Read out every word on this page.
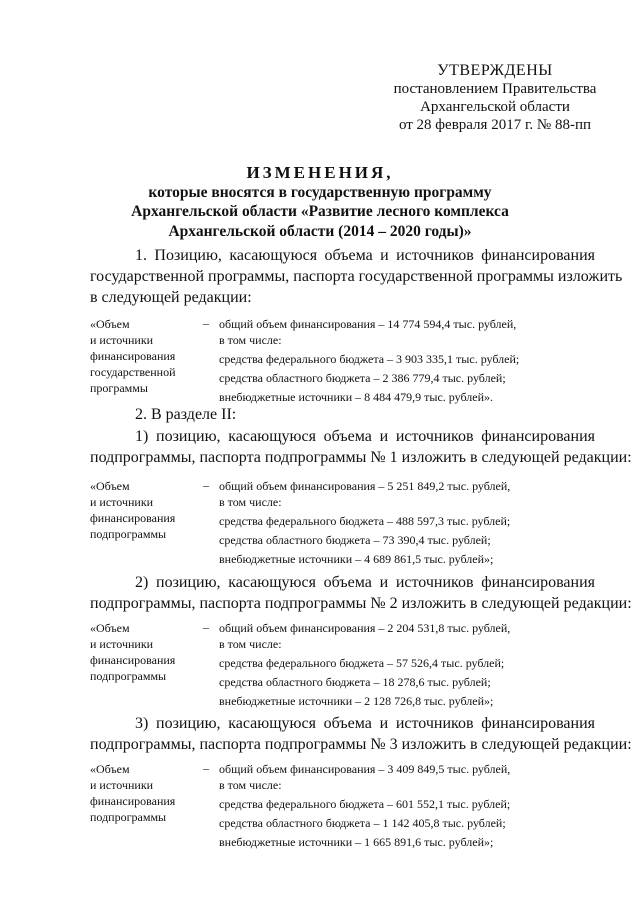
УТВЕРЖДЕНЫ
постановлением Правительства
Архангельской области
от 28 февраля 2017 г. № 88-пп
ИЗМЕНЕНИЯ,
которые вносятся в государственную программу
Архангельской области «Развитие лесного комплекса
Архангельской области (2014 – 2020 годы)»
1. Позицию, касающуюся объема и источников финансирования
государственной программы, паспорта государственной программы изложить
в следующей редакции:
«Объем
и источники
финансирования
государственной
программы
– общий объем финансирования – 14 774 594,4 тыс. рублей,
в том числе:
средства федерального бюджета – 3 903 335,1 тыс. рублей;
средства областного бюджета – 2 386 779,4 тыс. рублей;
внебюджетные источники – 8 484 479,9 тыс. рублей».
2. В разделе II:
1) позицию, касающуюся объема и источников финансирования
подпрограммы, паспорта подпрограммы № 1 изложить в следующей редакции:
«Объем
и источники
финансирования
подпрограммы
– общий объем финансирования – 5 251 849,2 тыс. рублей,
в том числе:
средства федерального бюджета – 488 597,3 тыс. рублей;
средства областного бюджета – 73 390,4 тыс. рублей;
внебюджетные источники – 4 689 861,5 тыс. рублей»;
2) позицию, касающуюся объема и источников финансирования
подпрограммы, паспорта подпрограммы № 2 изложить в следующей редакции:
«Объем
и источники
финансирования
подпрограммы
– общий объем финансирования – 2 204 531,8 тыс. рублей,
в том числе:
средства федерального бюджета – 57 526,4 тыс. рублей;
средства областного бюджета – 18 278,6 тыс. рублей;
внебюджетные источники – 2 128 726,8 тыс. рублей»;
3) позицию, касающуюся объема и источников финансирования
подпрограммы, паспорта подпрограммы № 3 изложить в следующей редакции:
«Объем
и источники
финансирования
подпрограммы
– общий объем финансирования – 3 409 849,5 тыс. рублей,
в том числе:
средства федерального бюджета – 601 552,1 тыс. рублей;
средства областного бюджета – 1 142 405,8 тыс. рублей;
внебюджетные источники – 1 665 891,6 тыс. рублей»;
